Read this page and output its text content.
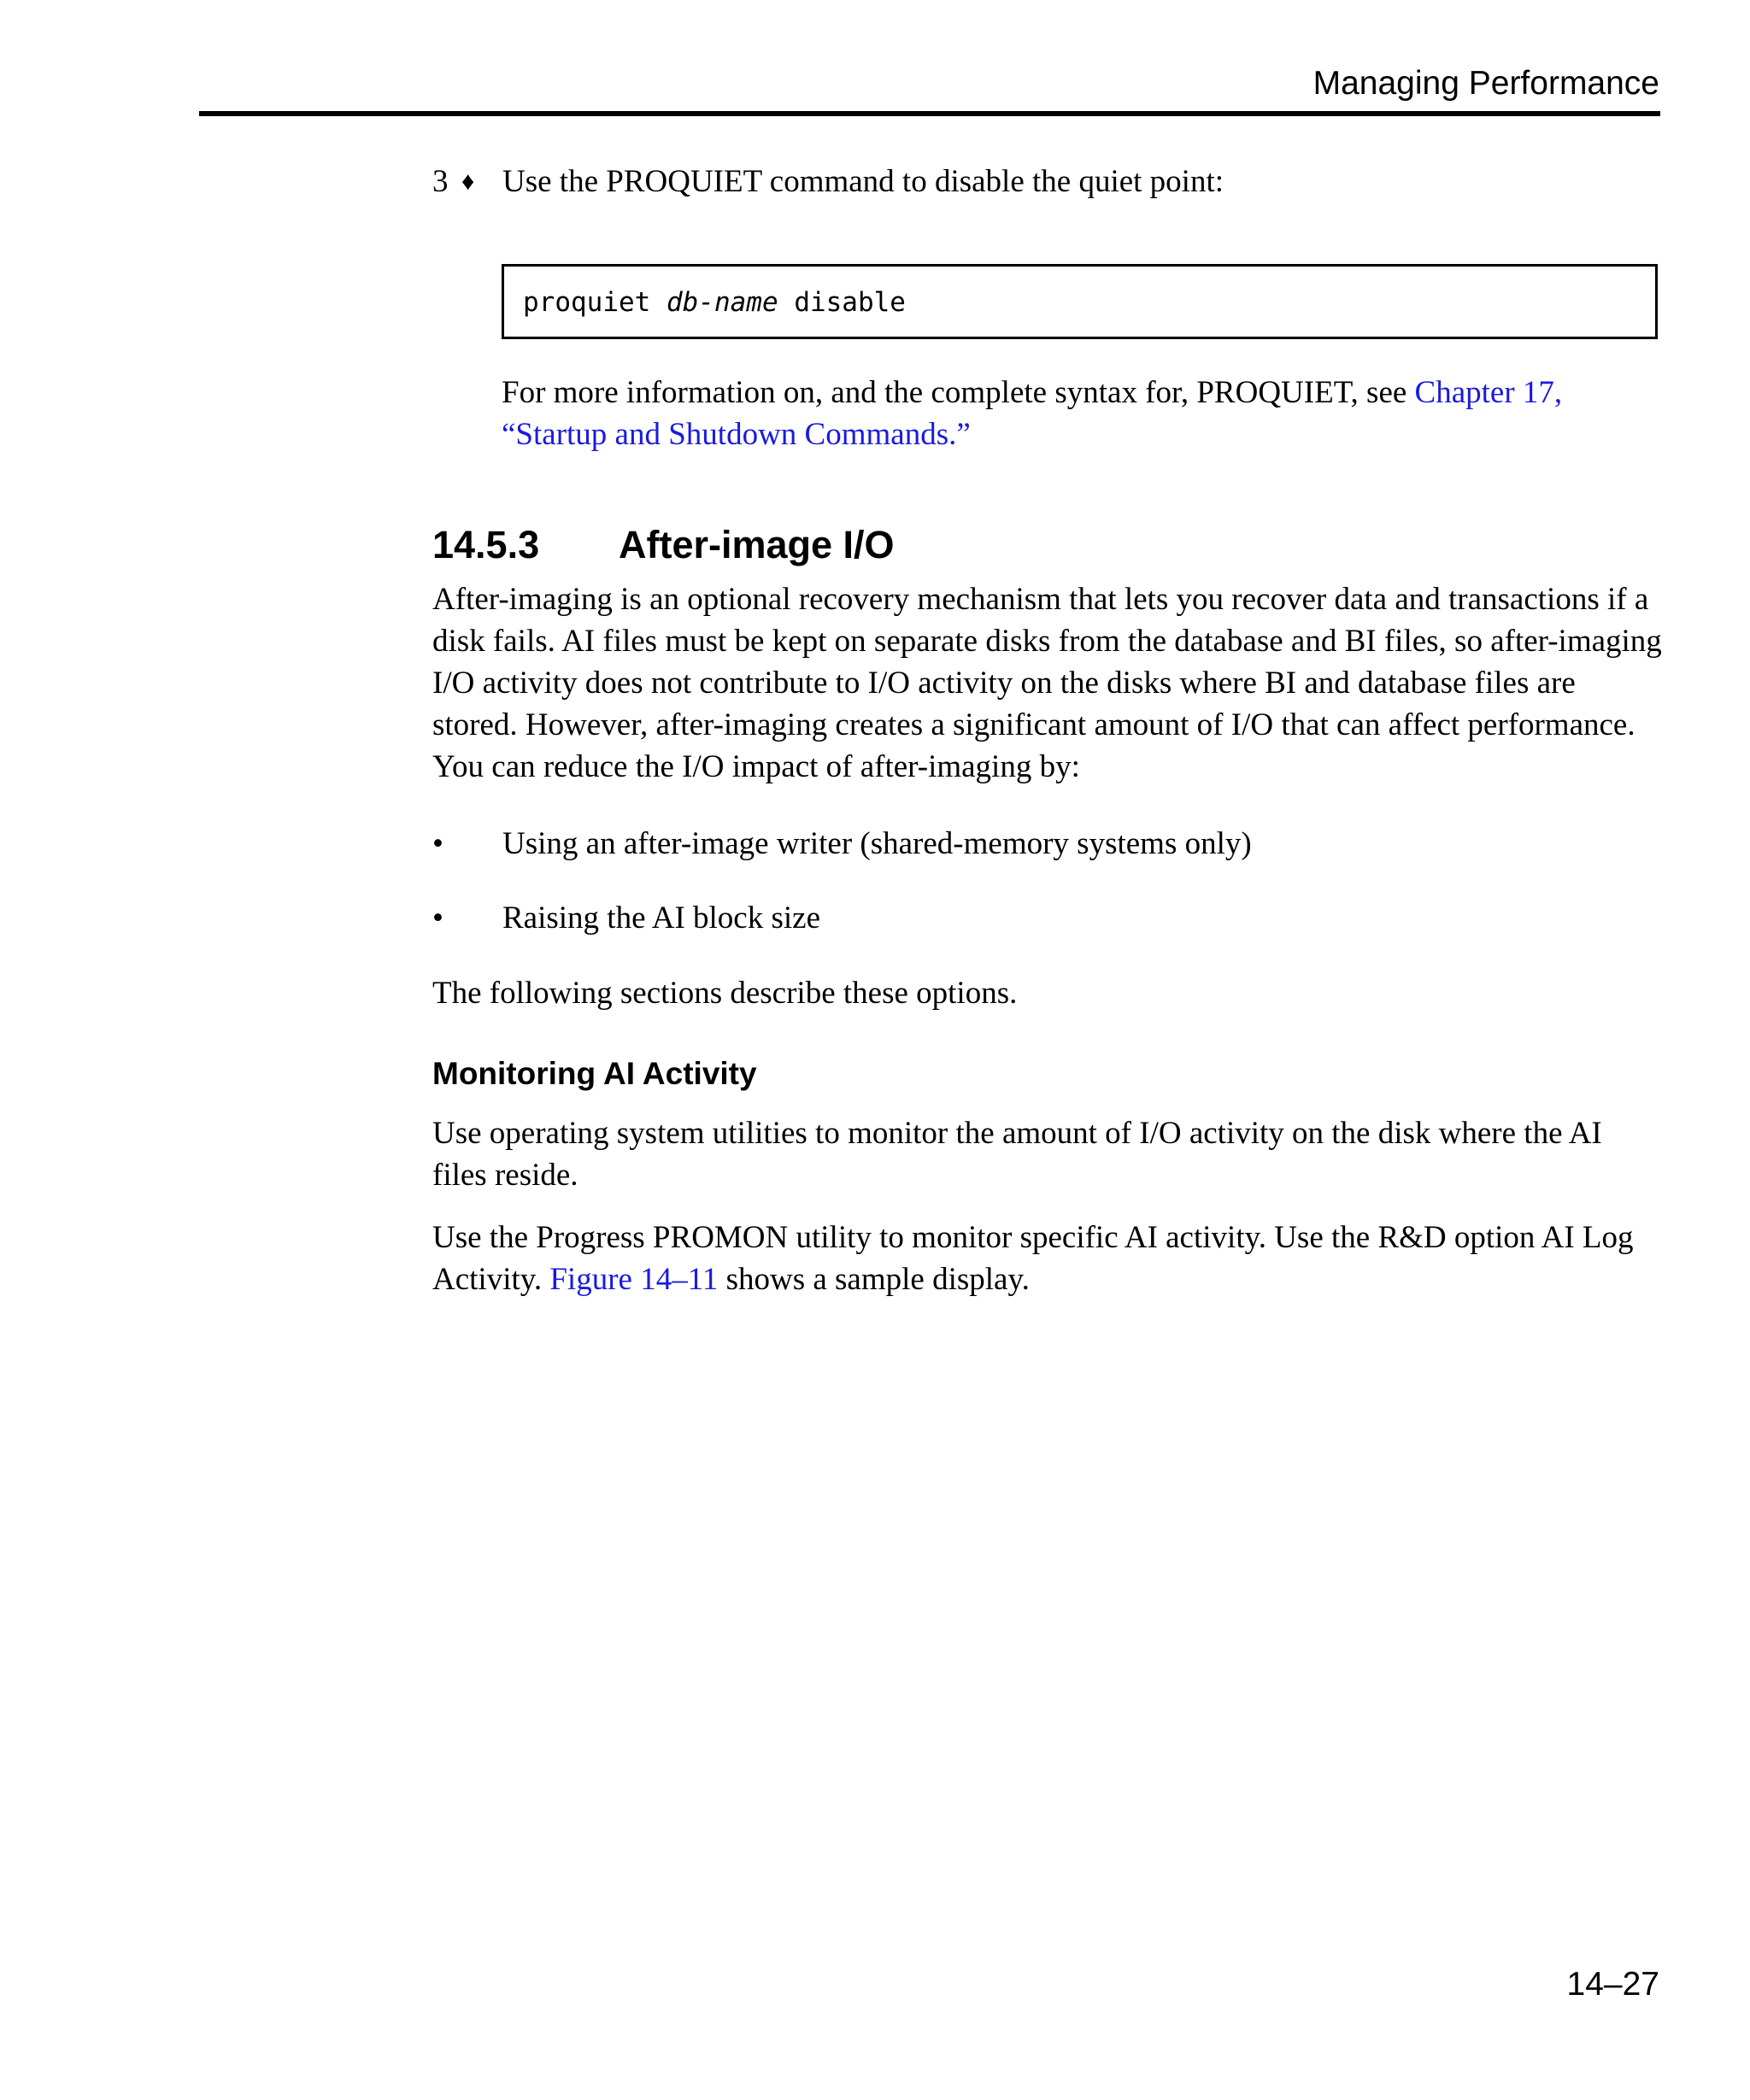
Managing Performance
3 ♦ Use the PROQUIET command to disable the quiet point:
proquiet db-name disable
For more information on, and the complete syntax for, PROQUIET, see Chapter 17,
“Startup and Shutdown Commands.”
14.5.3 After-image I/O
After-imaging is an optional recovery mechanism that lets you recover data and transactions if a disk fails. AI files must be kept on separate disks from the database and BI files, so after-imaging I/O activity does not contribute to I/O activity on the disks where BI and database files are stored. However, after-imaging creates a significant amount of I/O that can affect performance. You can reduce the I/O impact of after-imaging by:
• Using an after-image writer (shared-memory systems only)
• Raising the AI block size
The following sections describe these options.
Monitoring AI Activity
Use operating system utilities to monitor the amount of I/O activity on the disk where the AI files reside.
Use the Progress PROMON utility to monitor specific AI activity. Use the R&D option AI Log Activity. Figure 14–11 shows a sample display.
14–27
